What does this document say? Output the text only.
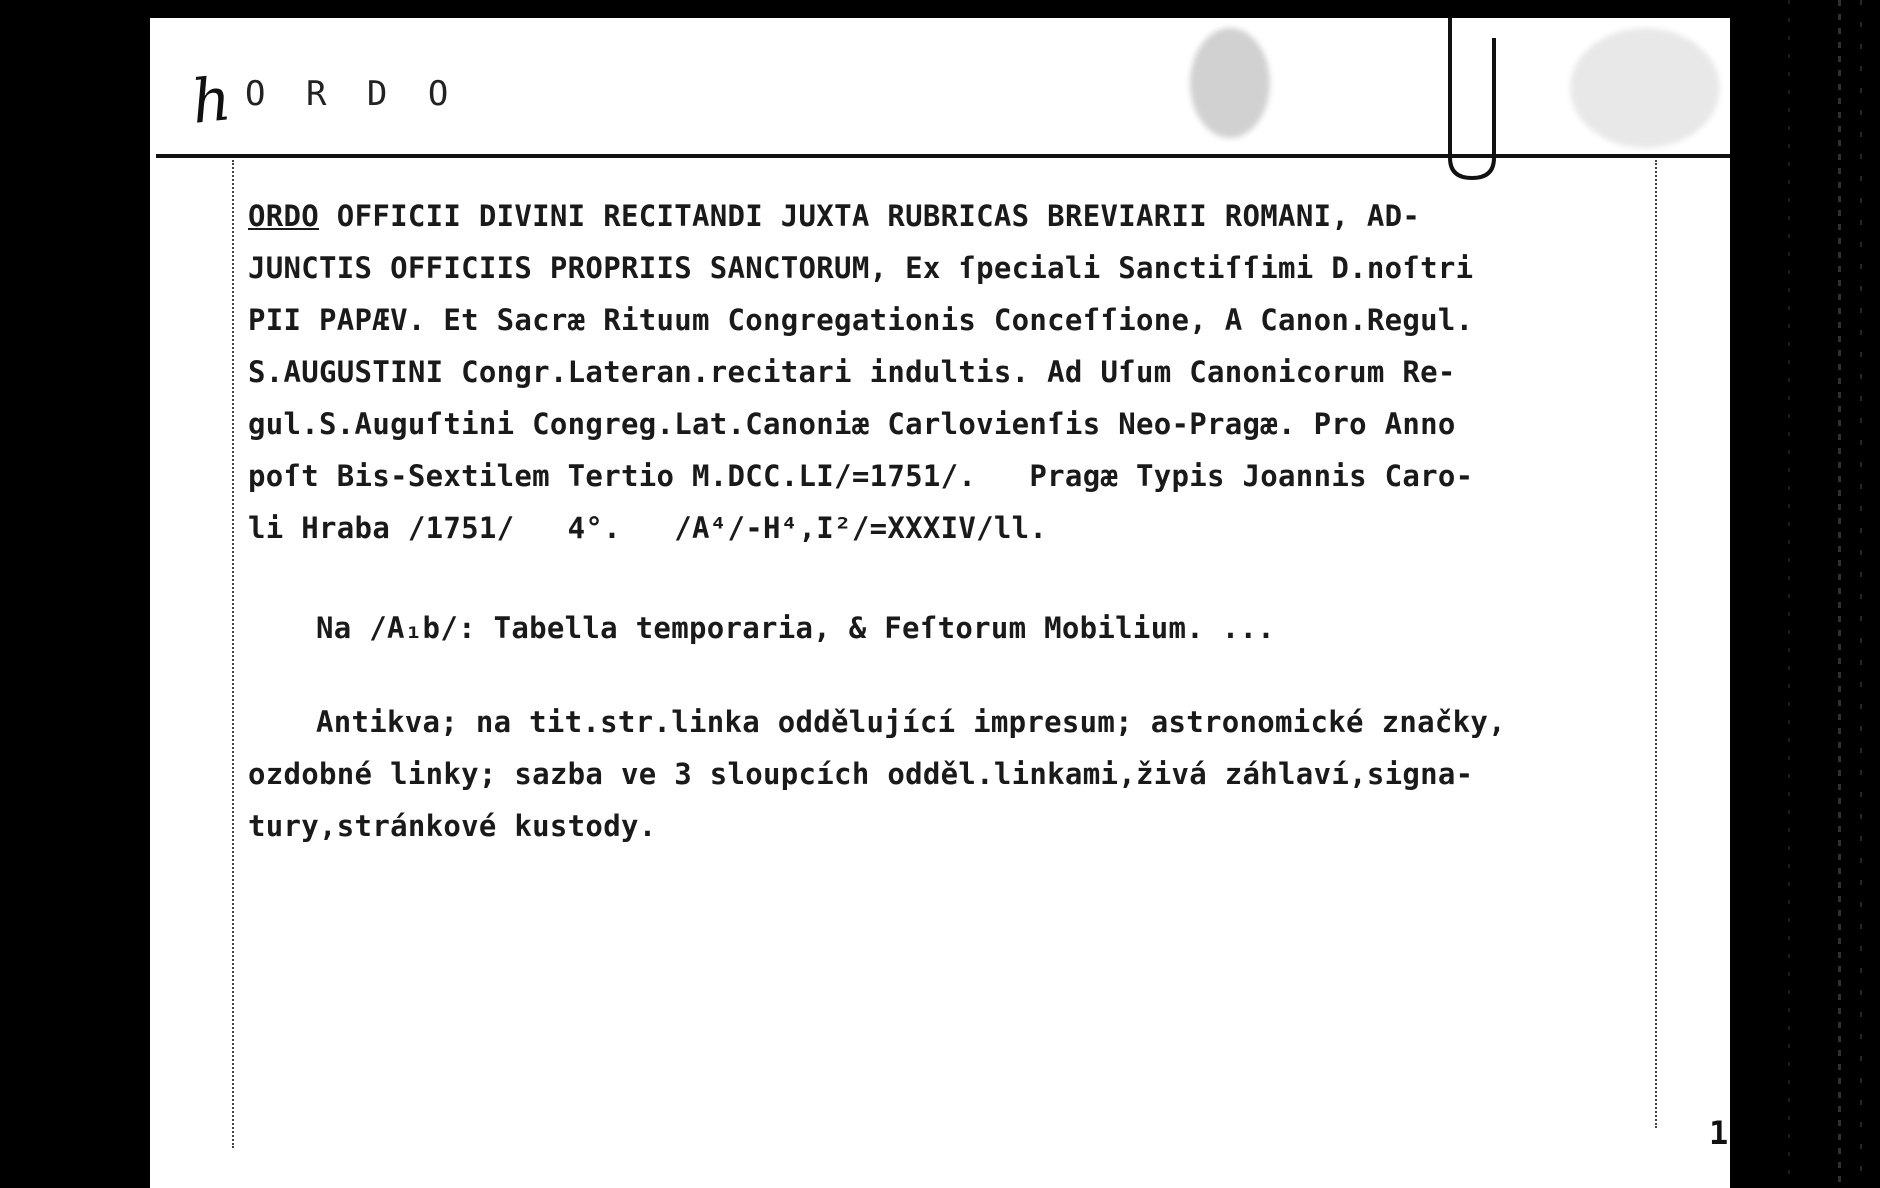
h O R D O

ORDO OFFICII DIVINI RECITANDI JUXTA RUBRICAS BREVIARII ROMANI, AD-
JUNCTIS OFFICIIS PROPRIIS SANCTORUM, Ex ſpeciali Sanctiſſimi D.noſtri
PII PAPÆV. Et Sacræ Rituum Congregationis Conceſſione, A Canon.Regul.
S.AUGUSTINI Congr.Lateran.recitari indultis. Ad Uſum Canonicorum Re-
gul.S.Auguſtini Congreg.Lat.Canoniæ Carlovienſis Neo-Pragæ. Pro Anno
poſt Bis-Sextilem Tertio M.DCC.LI/=1751/.   Pragæ Typis Joannis Caro-
li Hraba /1751/   4°.   /A⁴/-H⁴,I²/=XXXIV/ll.

Na /A₁b/: Tabella temporaria, & Feſtorum Mobilium. ...

Antikva; na tit.str.linka oddělující impresum; astronomické značky,
ozdobné linky; sazba ve 3 sloupcích odděl.linkami,živá záhlaví,signa-
tury,stránkové kustody.
1
